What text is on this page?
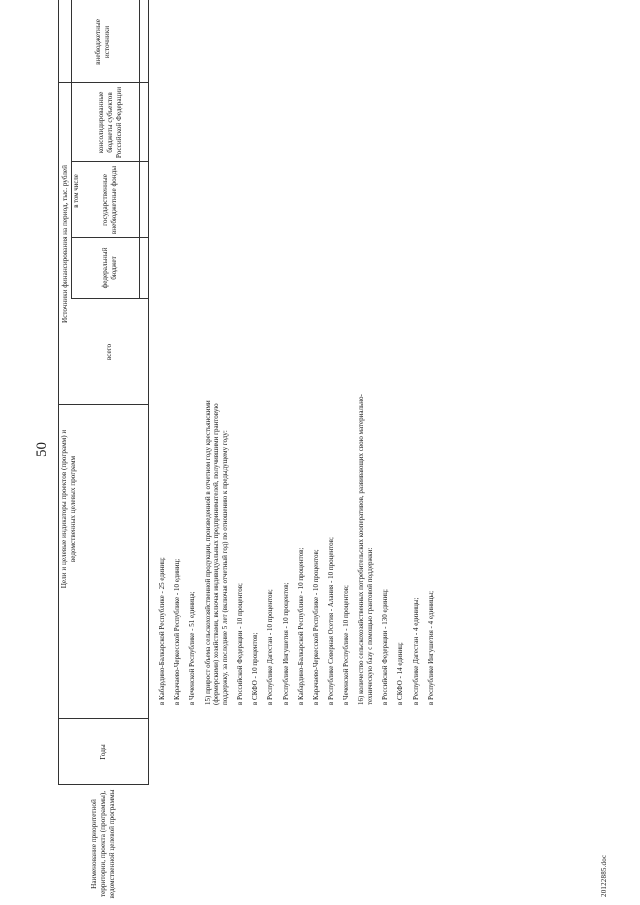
50
Наименование приоритетной территории, проекта (программы), ведомственной целевой программы
Годы
Цели и целевые индикаторы проектов (программ) и ведомственных целевых программ
всего
Источники финансирования на период, тыс. рублей в том числе
федеральный бюджет
государственные внебюджетные фонды
консолидированные бюджеты субъектов Российской Федерации
внебюджетные источники
в Кабардино-Балкарской Республике - 25 единиц; в Карачаево-Черкесской Республике - 10 единиц; в Чеченской Республике - 51 единица; 15) прирост объема сельскохозяйственной продукции, произведенной в отчетном году крестьянскими (фермерскими) хозяйствами, включая индивидуальных предпринимателей, получившими грантовую поддержку, за последние 5 лет (включая отчетный год) по отношению к предыдущему году: в Российской Федерации - 10 процентов; в СКФО - 10 процентов; в Республике Дагестан - 10 процентов; в Республике Ингушетия - 10 процентов; в Кабардино-Балкарской Республике - 10 процентов; в Карачаево-Черкесской Республике - 10 процентов; в Республике Северная Осетия - Алания - 10 процентов; в Чеченской Республике - 10 процентов; 16) количество сельскохозяйственных потребительских кооперативов, развивающих свою материально-техническую базу с помощью грантовой поддержки: в Российской Федерации - 130 единиц; в СКФО - 14 единиц; в Республике Дагестан - 4 единицы; в Республике Ингушетия - 4 единицы;
20122885.doc
